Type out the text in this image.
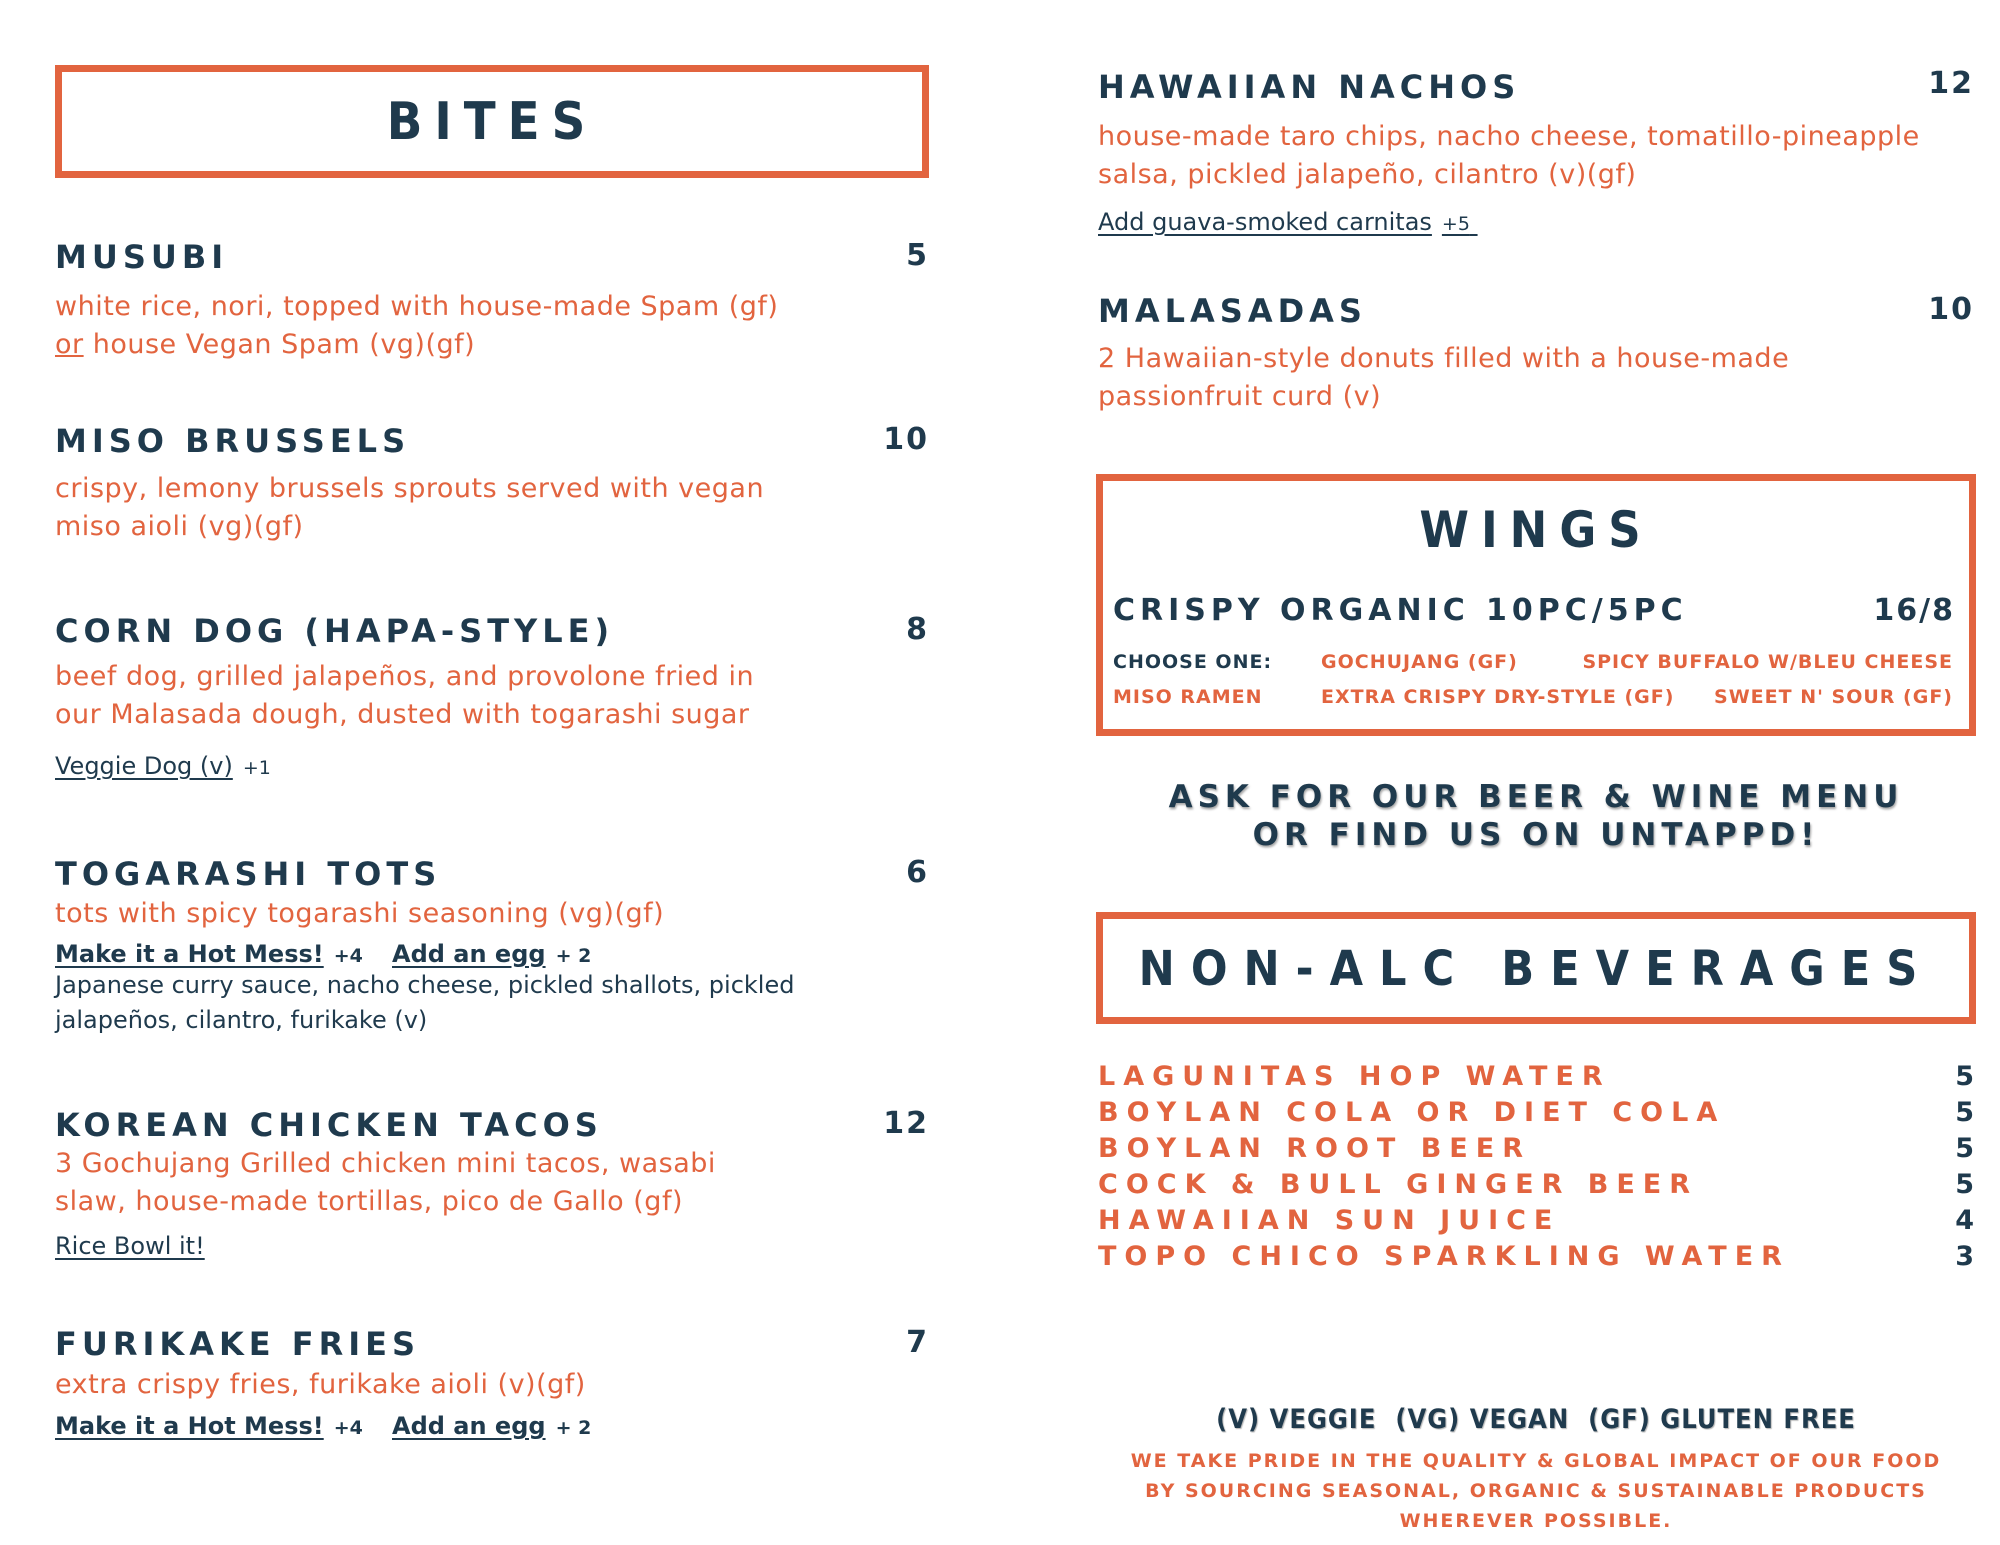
BITES
MUSUBI	5
white rice, nori, topped with house-made Spam (gf)
or house Vegan Spam (vg)(gf)
MISO BRUSSELS	10
crispy, lemony brussels sprouts served with vegan
miso aioli (vg)(gf)
CORN DOG (HAPA-STYLE)	8
beef dog, grilled jalapeños, and provolone fried in
our Malasada dough, dusted with togarashi sugar
Veggie Dog (v) +1
TOGARASHI TOTS	6
tots with spicy togarashi seasoning (vg)(gf)
Make it a Hot Mess! +4 Add an egg + 2
Japanese curry sauce, nacho cheese, pickled shallots, pickled
jalapeños, cilantro, furikake (v)
KOREAN CHICKEN TACOS	12
3 Gochujang Grilled chicken mini tacos, wasabi
slaw, house-made tortillas, pico de Gallo (gf)
Rice Bowl it!
FURIKAKE FRIES	7
extra crispy fries, furikake aioli (v)(gf)
Make it a Hot Mess! +4 Add an egg + 2
HAWAIIAN NACHOS	12
house-made taro chips, nacho cheese, tomatillo-pineapple
salsa, pickled jalapeño, cilantro (v)(gf)
Add guava-smoked carnitas +5
MALASADAS	10
2 Hawaiian-style donuts filled with a house-made
passionfruit curd (v)
WINGS
CRISPY ORGANIC 10PC/5PC	16/8
CHOOSE ONE:	GOCHUJANG (GF)	SPICY BUFFALO W/BLEU CHEESE
MISO RAMEN	EXTRA CRISPY DRY-STYLE (GF) SWEET N' SOUR (GF)
ASK FOR OUR BEER & WINE MENU
OR FIND US ON UNTAPPD!
NON-ALC BEVERAGES
LAGUNITAS HOP WATER	5
BOYLAN COLA OR DIET COLA	5
BOYLAN ROOT BEER	5
COCK & BULL GINGER BEER	5
HAWAIIAN SUN JUICE	4
TOPO CHICO SPARKLING WATER	3
(V) VEGGIE  (VG) VEGAN  (GF) GLUTEN FREE
WE TAKE PRIDE IN THE QUALITY & GLOBAL IMPACT OF OUR FOOD
BY SOURCING SEASONAL, ORGANIC & SUSTAINABLE PRODUCTS
WHEREVER POSSIBLE.
